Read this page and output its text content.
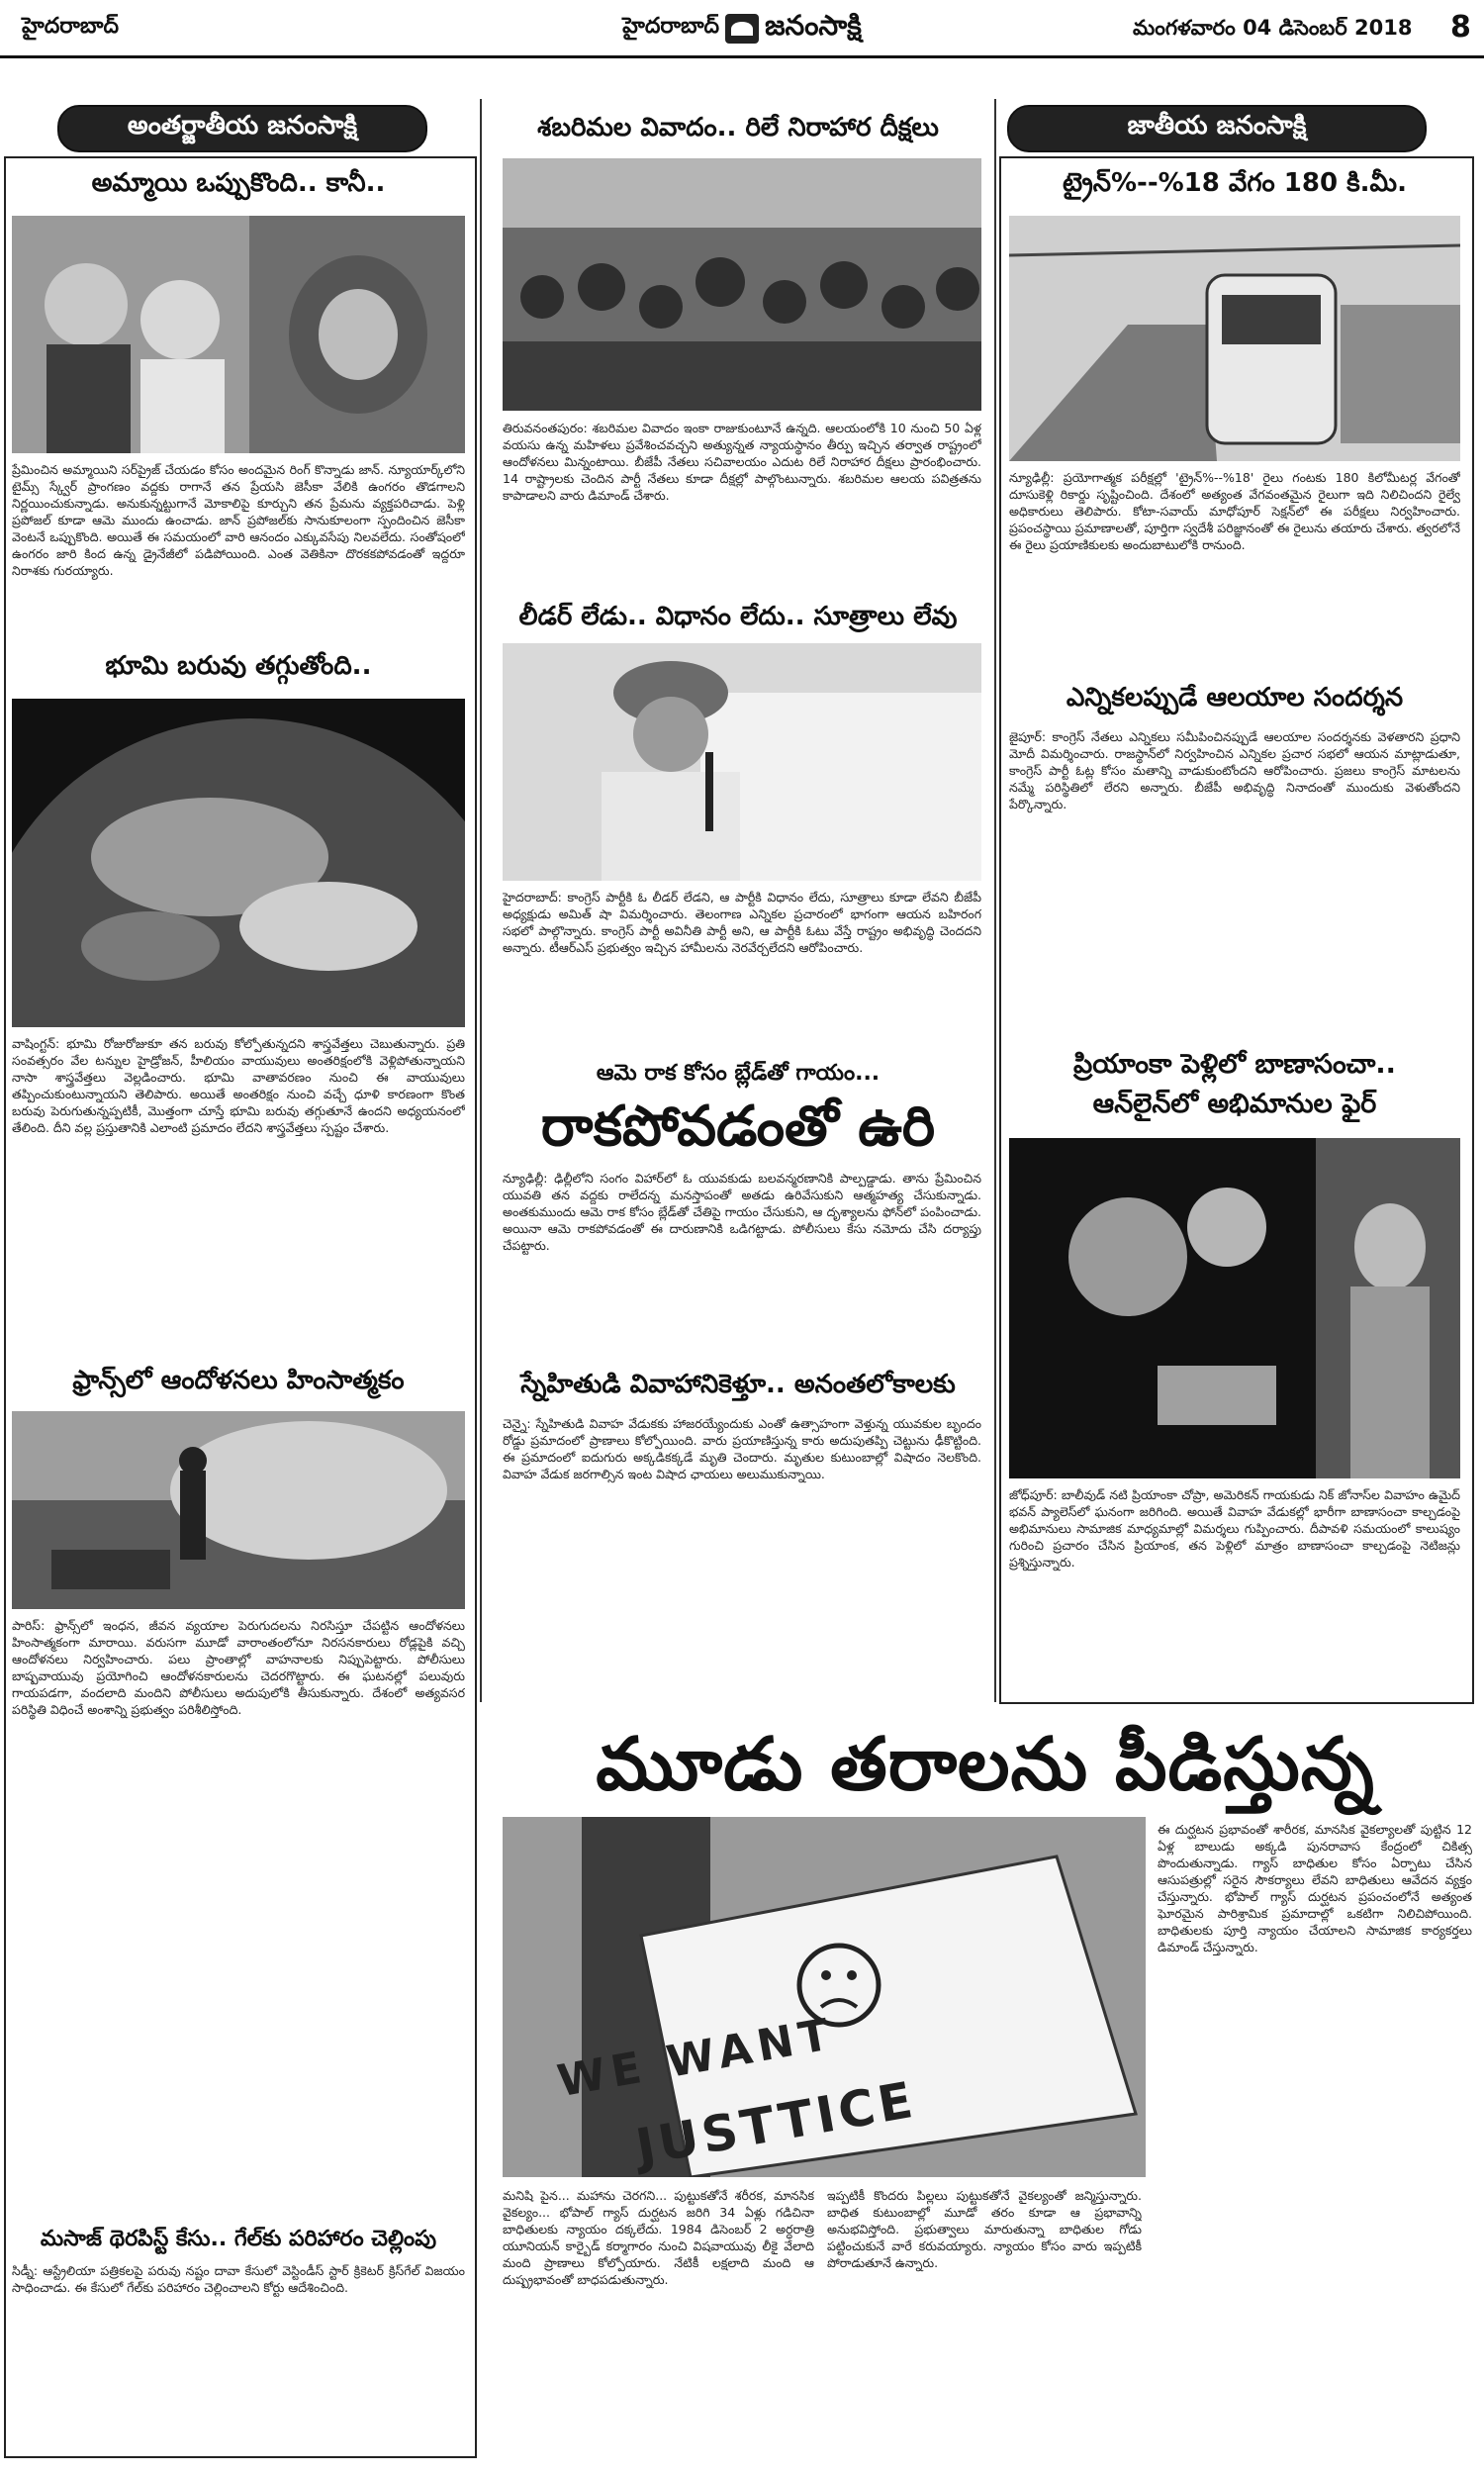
హైదరాబాద్	హైదరాబాద్ జనంసాక్షి	మంగళవారం 04 డిసెంబర్ 2018 8
అంతర్జాతీయ జనంసాక్షి	జాతీయ జనంసాక్షి
అమ్మాయి ఒప్పుకొంది.. కానీ..
ప్రేమించిన అమ్మాయిని సర్‌ప్రైజ్ చేయడం కోసం అందమైన రింగ్ కొన్నాడు జాన్. న్యూయార్క్‌లోని టైమ్స్ స్క్వేర్ ప్రాంగణం వద్దకు రాగానే తన ప్రేయసి జెసీకా వేలికి ఉంగరం తొడగాలని నిర్ణయించుకున్నాడు. అనుకున్నట్టుగానే మోకాలిపై కూర్చుని తన ప్రేమను వ్యక్తపరిచాడు. పెళ్లి ప్రపోజల్ కూడా ఆమె ముందు ఉంచాడు. జాన్ ప్రపోజల్‌కు సానుకూలంగా స్పందించిన జెసీకా వెంటనే ఒప్పుకొంది. అయితే ఈ సమయంలో వారి ఆనందం ఎక్కువసేపు నిలవలేదు. సంతోషంలో ఉంగరం జారి కింద ఉన్న డ్రైనేజీలో పడిపోయింది. ఎంత వెతికినా దొరకకపోవడంతో ఇద్దరూ నిరాశకు గురయ్యారు.
భూమి బరువు తగ్గుతోంది..
వాషింగ్టన్: భూమి రోజురోజుకూ తన బరువు కోల్పోతున్నదని శాస్త్రవేత్తలు చెబుతున్నారు. ప్రతి సంవత్సరం వేల టన్నుల హైడ్రోజన్, హీలియం వాయువులు అంతరిక్షంలోకి వెళ్లిపోతున్నాయని నాసా శాస్త్రవేత్తలు వెల్లడించారు. భూమి వాతావరణం నుంచి ఈ వాయువులు తప్పించుకుంటున్నాయని తెలిపారు. అయితే అంతరిక్షం నుంచి వచ్చే ధూళి కారణంగా కొంత బరువు పెరుగుతున్నప్పటికీ, మొత్తంగా చూస్తే భూమి బరువు తగ్గుతూనే ఉందని అధ్యయనంలో తేలింది. దీని వల్ల ప్రస్తుతానికి ఎలాంటి ప్రమాదం లేదని శాస్త్రవేత్తలు స్పష్టం చేశారు.
ఫ్రాన్స్‌లో ఆందోళనలు హింసాత్మకం
పారిస్: ఫ్రాన్స్‌లో ఇంధన, జీవన వ్యయాల పెరుగుదలను నిరసిస్తూ చేపట్టిన ఆందోళనలు హింసాత్మకంగా మారాయి. వరుసగా మూడో వారాంతంలోనూ నిరసనకారులు రోడ్లపైకి వచ్చి ఆందోళనలు నిర్వహించారు. పలు ప్రాంతాల్లో వాహనాలకు నిప్పుపెట్టారు. పోలీసులు బాష్పవాయువు ప్రయోగించి ఆందోళనకారులను చెదరగొట్టారు. ఈ ఘటనల్లో పలువురు గాయపడగా, వందలాది మందిని పోలీసులు అదుపులోకి తీసుకున్నారు. దేశంలో అత్యవసర పరిస్థితి విధించే అంశాన్ని ప్రభుత్వం పరిశీలిస్తోంది.
మసాజ్ థెరపిస్ట్ కేసు.. గేల్‌కు పరిహారం చెల్లింపు
సిడ్నీ: ఆస్ట్రేలియా పత్రికలపై పరువు నష్టం దావా కేసులో వెస్టిండీస్ స్టార్ క్రికెటర్ క్రిస్‌గేల్ విజయం సాధించాడు. ఈ కేసులో గేల్‌కు పరిహారం చెల్లించాలని కోర్టు ఆదేశించింది.
శబరిమల వివాదం.. రిలే నిరాహార దీక్షలు
తిరువనంతపురం: శబరిమల వివాదం ఇంకా రాజుకుంటూనే ఉన్నది. ఆలయంలోకి 10 నుంచి 50 ఏళ్ల వయసు ఉన్న మహిళలు ప్రవేశించవచ్చని అత్యున్నత న్యాయస్థానం తీర్పు ఇచ్చిన తర్వాత రాష్ట్రంలో ఆందోళనలు మిన్నంటాయి. బీజేపీ నేతలు సచివాలయం ఎదుట రిలే నిరాహార దీక్షలు ప్రారంభించారు. 14 రాష్ట్రాలకు చెందిన పార్టీ నేతలు కూడా దీక్షల్లో పాల్గొంటున్నారు. శబరిమల ఆలయ పవిత్రతను కాపాడాలని వారు డిమాండ్ చేశారు.
లీడర్ లేడు.. విధానం లేదు.. సూత్రాలు లేవు
హైదరాబాద్: కాంగ్రెస్ పార్టీకి ఓ లీడర్ లేడని, ఆ పార్టీకి విధానం లేదు, సూత్రాలు కూడా లేవని బీజేపీ అధ్యక్షుడు అమిత్ షా విమర్శించారు. తెలంగాణ ఎన్నికల ప్రచారంలో భాగంగా ఆయన బహిరంగ సభలో పాల్గొన్నారు. కాంగ్రెస్ పార్టీ అవినీతి పార్టీ అని, ఆ పార్టీకి ఓటు వేస్తే రాష్ట్రం అభివృద్ధి చెందదని అన్నారు. టీఆర్ఎస్ ప్రభుత్వం ఇచ్చిన హామీలను నెరవేర్చలేదని ఆరోపించారు.
ఆమె రాక కోసం బ్లేడ్‌తో గాయం...
రాకపోవడంతో ఉరి
న్యూఢిల్లీ: ఢిల్లీలోని సంగం విహార్‌లో ఓ యువకుడు బలవన్మరణానికి పాల్పడ్డాడు. తాను ప్రేమించిన యువతి తన వద్దకు రాలేదన్న మనస్తాపంతో అతడు ఉరివేసుకుని ఆత్మహత్య చేసుకున్నాడు. అంతకుముందు ఆమె రాక కోసం బ్లేడ్‌తో చేతిపై గాయం చేసుకుని, ఆ దృశ్యాలను ఫోన్‌లో పంపించాడు. అయినా ఆమె రాకపోవడంతో ఈ దారుణానికి ఒడిగట్టాడు. పోలీసులు కేసు నమోదు చేసి దర్యాప్తు చేపట్టారు.
స్నేహితుడి వివాహానికెళ్తూ.. అనంతలోకాలకు
చెన్నై: స్నేహితుడి వివాహ వేడుకకు హాజరయ్యేందుకు ఎంతో ఉత్సాహంగా వెళ్తున్న యువకుల బృందం రోడ్డు ప్రమాదంలో ప్రాణాలు కోల్పోయింది. వారు ప్రయాణిస్తున్న కారు అదుపుతప్పి చెట్టును ఢీకొట్టింది. ఈ ప్రమాదంలో ఐదుగురు అక్కడికక్కడే మృతి చెందారు. మృతుల కుటుంబాల్లో విషాదం నెలకొంది. వివాహ వేడుక జరగాల్సిన ఇంట విషాద ఛాయలు అలుముకున్నాయి.
ట్రైన్%--%18 వేగం 180 కి.మీ.
న్యూఢిల్లీ: ప్రయోగాత్మక పరీక్షల్లో 'ట్రైన్%--%18' రైలు గంటకు 180 కిలోమీటర్ల వేగంతో దూసుకెళ్లి రికార్డు సృష్టించింది. దేశంలో అత్యంత వేగవంతమైన రైలుగా ఇది నిలిచిందని రైల్వే అధికారులు తెలిపారు. కోటా-సవాయ్ మాధోపూర్ సెక్షన్‌లో ఈ పరీక్షలు నిర్వహించారు. ప్రపంచస్థాయి ప్రమాణాలతో, పూర్తిగా స్వదేశీ పరిజ్ఞానంతో ఈ రైలును తయారు చేశారు. త్వరలోనే ఈ రైలు ప్రయాణికులకు అందుబాటులోకి రానుంది.
ఎన్నికలప్పుడే ఆలయాల సందర్శన
జైపూర్: కాంగ్రెస్ నేతలు ఎన్నికలు సమీపించినప్పుడే ఆలయాల సందర్శనకు వెళతారని ప్రధాని మోదీ విమర్శించారు. రాజస్థాన్‌లో నిర్వహించిన ఎన్నికల ప్రచార సభలో ఆయన మాట్లాడుతూ, కాంగ్రెస్ పార్టీ ఓట్ల కోసం మతాన్ని వాడుకుంటోందని ఆరోపించారు. ప్రజలు కాంగ్రెస్ మాటలను నమ్మే పరిస్థితిలో లేరని అన్నారు. బీజేపీ అభివృద్ధి నినాదంతో ముందుకు వెళుతోందని పేర్కొన్నారు.
ప్రియాంకా పెళ్లిలో బాణాసంచా..
ఆన్‌లైన్‌లో అభిమానుల ఫైర్
జోధ్‌పూర్: బాలీవుడ్ నటి ప్రియాంకా చోప్రా, అమెరికన్ గాయకుడు నిక్ జోనాస్‌ల వివాహం ఉమైద్ భవన్ ప్యాలెస్‌లో ఘనంగా జరిగింది. అయితే వివాహ వేడుకల్లో భారీగా బాణాసంచా కాల్చడంపై అభిమానులు సామాజిక మాధ్యమాల్లో విమర్శలు గుప్పించారు. దీపావళి సమయంలో కాలుష్యం గురించి ప్రచారం చేసిన ప్రియాంక, తన పెళ్లిలో మాత్రం బాణాసంచా కాల్చడంపై నెటిజన్లు ప్రశ్నిస్తున్నారు.
మూడు తరాలను పీడిస్తున్న
WE WANT
JUSTTICE
మనిషి పైన... మహాను చెరగని... పుట్టుకతోనే శరీరక, మానసిక వైకల్యం... భోపాల్ గ్యాస్ దుర్ఘటన జరిగి 34 ఏళ్లు గడిచినా బాధితులకు న్యాయం దక్కలేదు. 1984 డిసెంబర్ 2 అర్ధరాత్రి యూనియన్ కార్బైడ్ కర్మాగారం నుంచి విషవాయువు లీకై వేలాది మంది ప్రాణాలు కోల్పోయారు. నేటికీ లక్షలాది మంది ఆ దుష్ప్రభావంతో బాధపడుతున్నారు.
ఇప్పటికీ కొందరు పిల్లలు పుట్టుకతోనే వైకల్యంతో జన్మిస్తున్నారు. బాధిత కుటుంబాల్లో మూడో తరం కూడా ఆ ప్రభావాన్ని అనుభవిస్తోంది. ప్రభుత్వాలు మారుతున్నా బాధితుల గోడు పట్టించుకునే వారే కరువయ్యారు. న్యాయం కోసం వారు ఇప్పటికీ పోరాడుతూనే ఉన్నారు.
ఈ దుర్ఘటన ప్రభావంతో శారీరక, మానసిక వైకల్యాలతో పుట్టిన 12 ఏళ్ల బాలుడు అక్కడి పునరావాస కేంద్రంలో చికిత్స పొందుతున్నాడు. గ్యాస్ బాధితుల కోసం ఏర్పాటు చేసిన ఆసుపత్రుల్లో సరైన సౌకర్యాలు లేవని బాధితులు ఆవేదన వ్యక్తం చేస్తున్నారు. భోపాల్ గ్యాస్ దుర్ఘటన ప్రపంచంలోనే అత్యంత ఘోరమైన పారిశ్రామిక ప్రమాదాల్లో ఒకటిగా నిలిచిపోయింది. బాధితులకు పూర్తి న్యాయం చేయాలని సామాజిక కార్యకర్తలు డిమాండ్ చేస్తున్నారు.
